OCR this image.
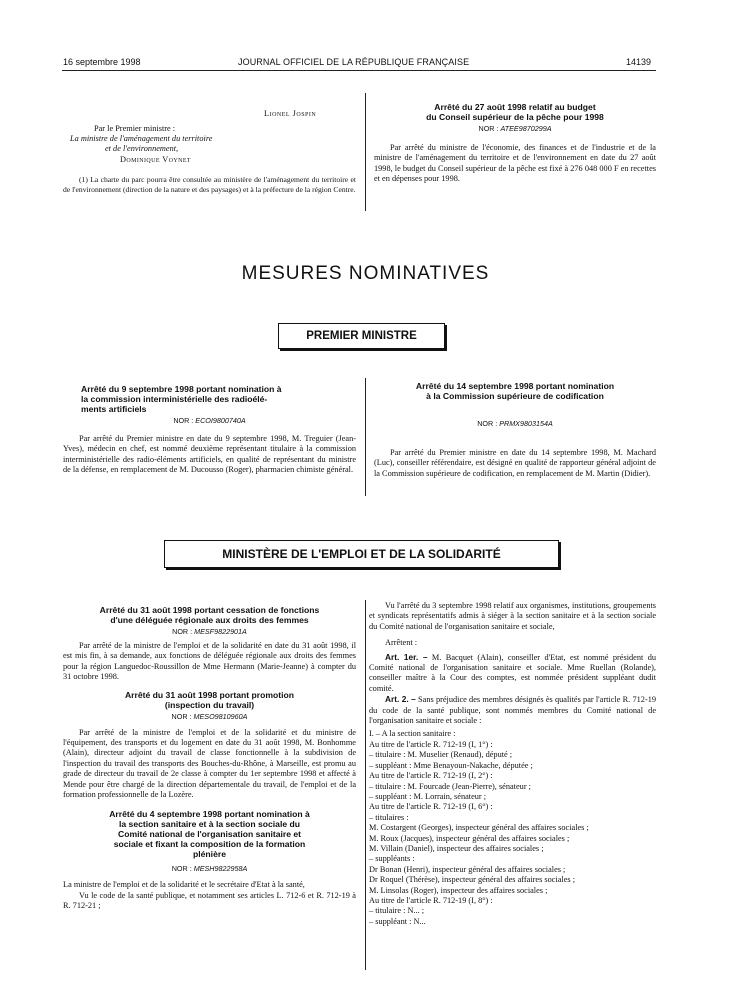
16 septembre 1998	JOURNAL OFFICIEL DE LA RÉPUBLIQUE FRANÇAISE	14139
Lionel Jospin
Par le Premier ministre :
La ministre de l'aménagement du territoire
et de l'environnement,
Dominique Voynet

(1) La charte du parc pourra être consultée au ministère de l'aménagement du territoire et de l'environnement (direction de la nature et des paysages) et à la préfecture de la région Centre.

Arrêté du 27 août 1998 relatif au budget
du Conseil supérieur de la pêche pour 1998
NOR : ATEE9870299A

Par arrêté du ministre de l'économie, des finances et de l'industrie et de la ministre de l'aménagement du territoire et de l'environnement en date du 27 août 1998, le budget du Conseil supérieur de la pêche est fixé à 276 048 000 F en recettes et en dépenses pour 1998.

MESURES NOMINATIVES
PREMIER MINISTRE
Arrêté du 9 septembre 1998 portant nomination à
la commission interministérielle des radioélé-
ments artificiels
NOR : ECOI9800740A

Par arrêté du Premier ministre en date du 9 septembre 1998, M. Treguier (Jean-Yves), médecin en chef, est nommé deuxième représentant titulaire à la commission interministérielle des radio-éléments artificiels, en qualité de représentant du ministre de la défense, en remplacement de M. Ducousso (Roger), pharmacien chimiste général.

Arrêté du 14 septembre 1998 portant nomination
à la Commission supérieure de codification
NOR : PRMX9803154A

Par arrêté du Premier ministre en date du 14 septembre 1998, M. Machard (Luc), conseiller référendaire, est désigné en qualité de rapporteur général adjoint de la Commission supérieure de codification, en remplacement de M. Martin (Didier).

MINISTÈRE DE L'EMPLOI ET DE LA SOLIDARITÉ
Arrêté du 31 août 1998 portant cessation de fonctions
d'une déléguée régionale aux droits des femmes
NOR : MESF9822901A

Par arrêté de la ministre de l'emploi et de la solidarité en date du 31 août 1998, il est mis fin, à sa demande, aux fonctions de déléguée régionale aux droits des femmes pour la région Languedoc-Roussillon de Mme Hermann (Marie-Jeanne) à compter du 31 octobre 1998.

Arrêté du 31 août 1998 portant promotion
(inspection du travail)
NOR : MESO9810960A

Par arrêté de la ministre de l'emploi et de la solidarité et du ministre de l'équipement, des transports et du logement en date du 31 août 1998, M. Bonhomme (Alain), directeur adjoint du travail de classe fonctionnelle à la subdivision de l'inspection du travail des transports des Bouches-du-Rhône, à Marseille, est promu au grade de directeur du travail de 2e classe à compter du 1er septembre 1998 et affecté à Mende pour être chargé de la direction départementale du travail, de l'emploi et de la formation professionnelle de la Lozère.

Arrêté du 4 septembre 1998 portant nomination à
la section sanitaire et à la section sociale du
Comité national de l'organisation sanitaire et
sociale et fixant la composition de la formation
plénière
NOR : MESH9822958A

La ministre de l'emploi et de la solidarité et le secrétaire d'Etat à la santé,

Vu le code de la santé publique, et notamment ses articles L. 712-6 et R. 712-19 à R. 712-21 ;

Vu l'arrêté du 3 septembre 1998 relatif aux organismes, institutions, groupements et syndicats représentatifs admis à siéger à la section sanitaire et à la section sociale du Comité national de l'organisation sanitaire et sociale,

Arrêtent :

Art. 1er. – M. Bacquet (Alain), conseiller d'Etat, est nommé président du Comité national de l'organisation sanitaire et sociale. Mme Ruellan (Rolande), conseiller maître à la Cour des comptes, est nommée président suppléant dudit comité.

Art. 2. – Sans préjudice des membres désignés ès qualités par l'article R. 712-19 du code de la santé publique, sont nommés membres du Comité national de l'organisation sanitaire et sociale :

I. – A la section sanitaire :
Au titre de l'article R. 712-19 (I, 1°) :
– titulaire : M. Muselier (Renaud), député ;
– suppléant : Mme Benayoun-Nakache, députée ;
Au titre de l'article R. 712-19 (I, 2°) :
– titulaire : M. Fourcade (Jean-Pierre), sénateur ;
– suppléant : M. Lorrain, sénateur ;
Au titre de l'article R. 712-19 (I, 6°) :
– titulaires :
M. Costargent (Georges), inspecteur général des affaires sociales ;
M. Roux (Jacques), inspecteur général des affaires sociales ;
M. Villain (Daniel), inspecteur des affaires sociales ;
– suppléants :
Dr Bonan (Henri), inspecteur général des affaires sociales ;
Dr Roquel (Thérèse), inspecteur général des affaires sociales ;
M. Linsolas (Roger), inspecteur des affaires sociales ;
Au titre de l'article R. 712-19 (I, 8°) :
– titulaire : N... ;
– suppléant : N...
